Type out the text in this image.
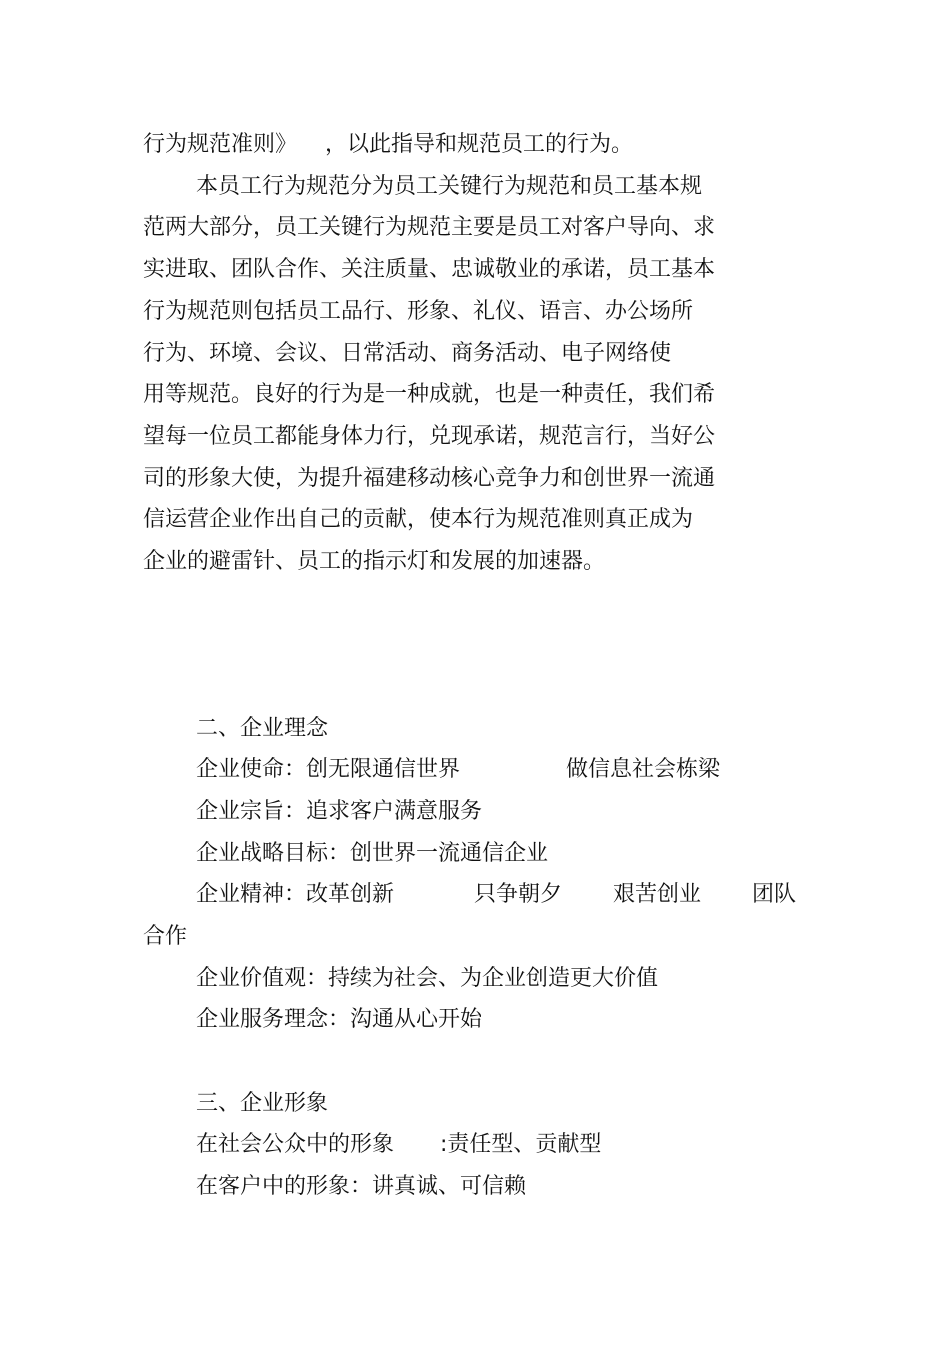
行为规范准则》    ，以此指导和规范员工的行为。
本员工行为规范分为员工关键行为规范和员工基本规
范两大部分，员工关键行为规范主要是员工对客户导向、求
实进取、团队合作、关注质量、忠诚敬业的承诺，员工基本
行为规范则包括员工品行、形象、礼仪、语言、办公场所
行为、环境、会议、日常活动、商务活动、电子网络使
用等规范。良好的行为是一种成就，也是一种责任，我们希
望每一位员工都能身体力行，兑现承诺，规范言行，当好公
司的形象大使，为提升福建移动核心竞争力和创世界一流通
信运营企业作出自己的贡献，使本行为规范准则真正成为
企业的避雷针、员工的指示灯和发展的加速器。
二、企业理念
企业使命：创无限通信世界	做信息社会栋梁
企业宗旨：追求客户满意服务
企业战略目标：创世界一流通信企业
企业精神：改革创新	只争朝夕 艰苦创业 团队
合作
企业价值观：持续为社会、为企业创造更大价值
企业服务理念：沟通从心开始
三、企业形象
在社会公众中的形象 :责任型、贡献型
在客户中的形象：讲真诚、可信赖
